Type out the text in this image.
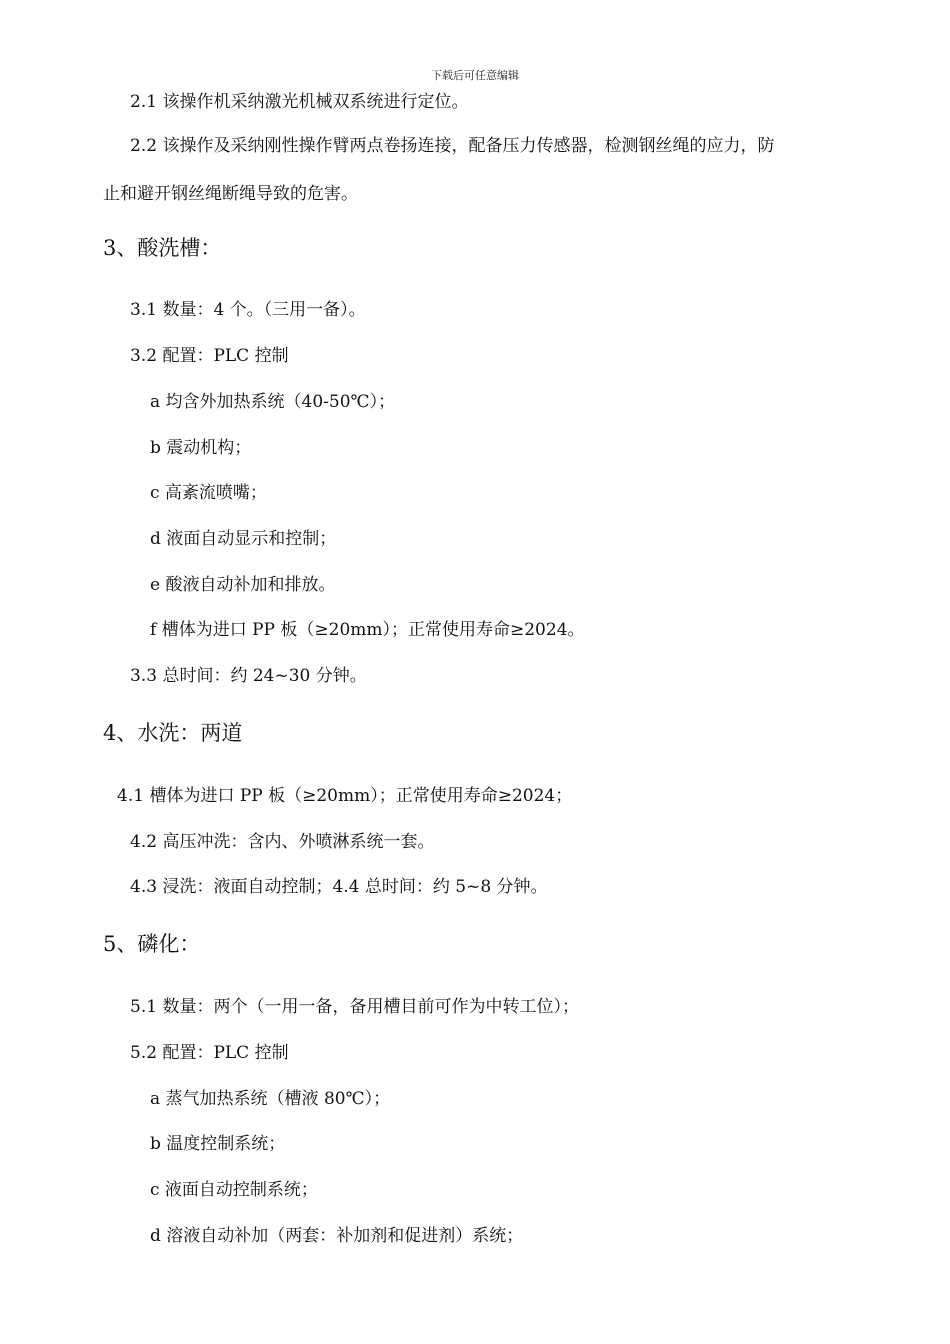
下载后可任意编辑
2.1 该操作机采纳激光机械双系统进行定位。
2.2 该操作及采纳刚性操作臂两点卷扬连接，配备压力传感器，检测钢丝绳的应力，防
止和避开钢丝绳断绳导致的危害。
3、酸洗槽：
3.1 数量：4 个。（三用一备）。
3.2 配置：PLC 控制
a 均含外加热系统（40-50℃）；
b 震动机构；
c 高紊流喷嘴；
d 液面自动显示和控制；
e 酸液自动补加和排放。
f 槽体为进口 PP 板（≥20mm）；正常使用寿命≥2024。
3.3 总时间：约 24~30 分钟。
4、水洗：两道
4.1 槽体为进口 PP 板（≥20mm）；正常使用寿命≥2024；
4.2 高压冲洗：含内、外喷淋系统一套。
4.3 浸洗：液面自动控制；4.4 总时间：约 5~8 分钟。
5、磷化：
5.1 数量：两个（一用一备，备用槽目前可作为中转工位）；
5.2 配置：PLC 控制
a 蒸气加热系统（槽液 80℃）；
b 温度控制系统；
c 液面自动控制系统；
d 溶液自动补加（两套：补加剂和促进剂）系统；
